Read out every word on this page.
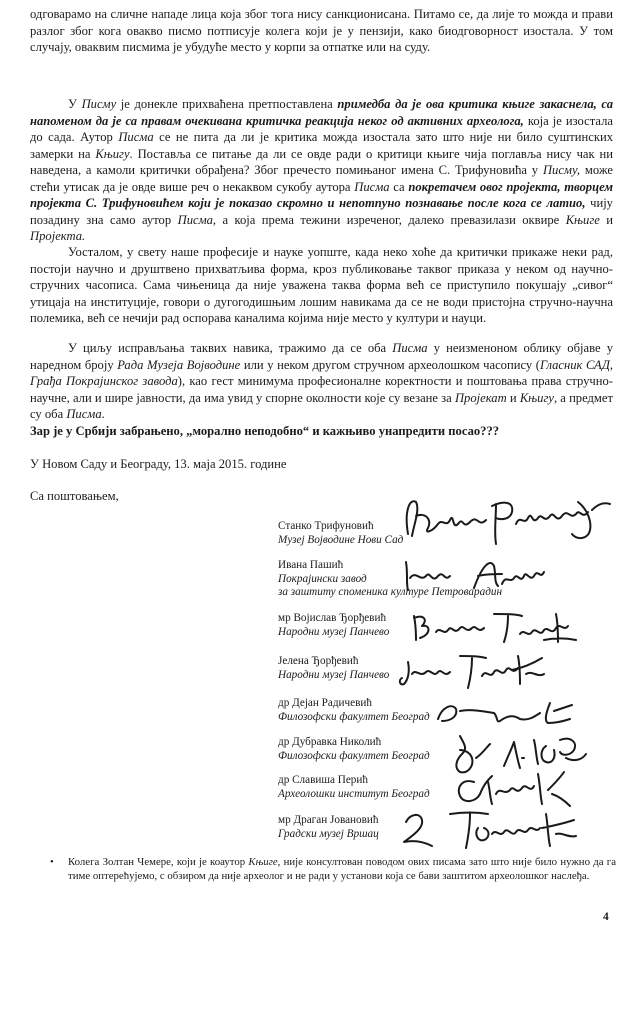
одговарамо на сличне нападе лица која због тога нису санкционисана. Питамо се, да лије то можда и прави разлог због кога овакво писмо потписује колега који је у пензији, како биодговорност изостала. У том случају, оваквим писмима је убудуће место у корпи за отпатке или на суду.

У Писму је донекле прихваћена претпоставлена примедба да је ова критика књиге закаснела, са напоменом да је са правам очекивана критичка реакција неког од активних археолога, која је изостала до сада. Аутор Писма се не пита да ли је критика можда изостала зато што није ни било суштинских замерки на Књигу. Поставља се питање да ли се овде ради о критици књиге чија поглавља нису чак ни наведена, а камоли критички обрађена? Због пречесто помињаног имена С. Трифуновића у Писму, може стећи утисак да је овде више реч о некаквом сукобу аутора Писма са покретачем овог пројекта, творцем пројекта С. Трифуновићем који је показао скромно и непотпуно познавање после кога се латио, чију позадину зна само аутор Писма, а која према тежини изреченог, далеко превазилази оквире Књиге и Пројекта.

Уосталом, у свету наше професије и науке уопште, када неко хоће да критички прикаже неки рад, постоји научно и друштвено прихватљива форма, кроз публиковање таквог приказа у неком од научно-стручних часописа. Сама чињеница да није уважена таква форма већ се приступило покушају „сивог“ утицаја на институције, говори о дугогодишњим лошим навикама да се не води пристојна стручно-научна полемика, већ се нечији рад оспорава каналима којима није место у култури и науци.

У циљу исправљања таквих навика, тражимо да се оба Писма у неизменоном облику објаве у наредном броју Рада Музеја Војводине или у неком другом стручном археолошком часопису (Гласник САД, Грађа Покрајинског завода), као гест минимума професионалне коректности и поштовања права стручно-научне, али и шире јавности, да има увид у спорне околности које су везане за Пројекат и Књигу, а предмет су оба Писма.

Зар је у Србији забрањено, „морално неподобно“ и кажњиво унапредити посао???

У Новом Саду и Београду, 13. маја 2015. године
Са поштовањем,
Станко Трифуновић
Музеј Војводине Нови Сад
Ивана Пашић
Покрајински завод
за заштиту споменика културе Петроварадин
мр Војислав Ђорђевић
Народни музеј Панчево
Јелена Ђорђевић
Народни музеј Панчево
др Дејан Радичевић
Филозофски факултет Београд
др Дубравка Николић
Филозофски факултет Београд
др Славиша Перић
Археолошки институт Београд
мр Драган Јовановић
Градски музеј Вршац

• Колега Золтан Чемере, који је коаутор Књиге, није консултован поводом ових писама зато што није било нужно да га тиме оптерећујемо, с обзиром да није археолог и не ради у установи која се бави заштитом археолошког наслеђа.

4
